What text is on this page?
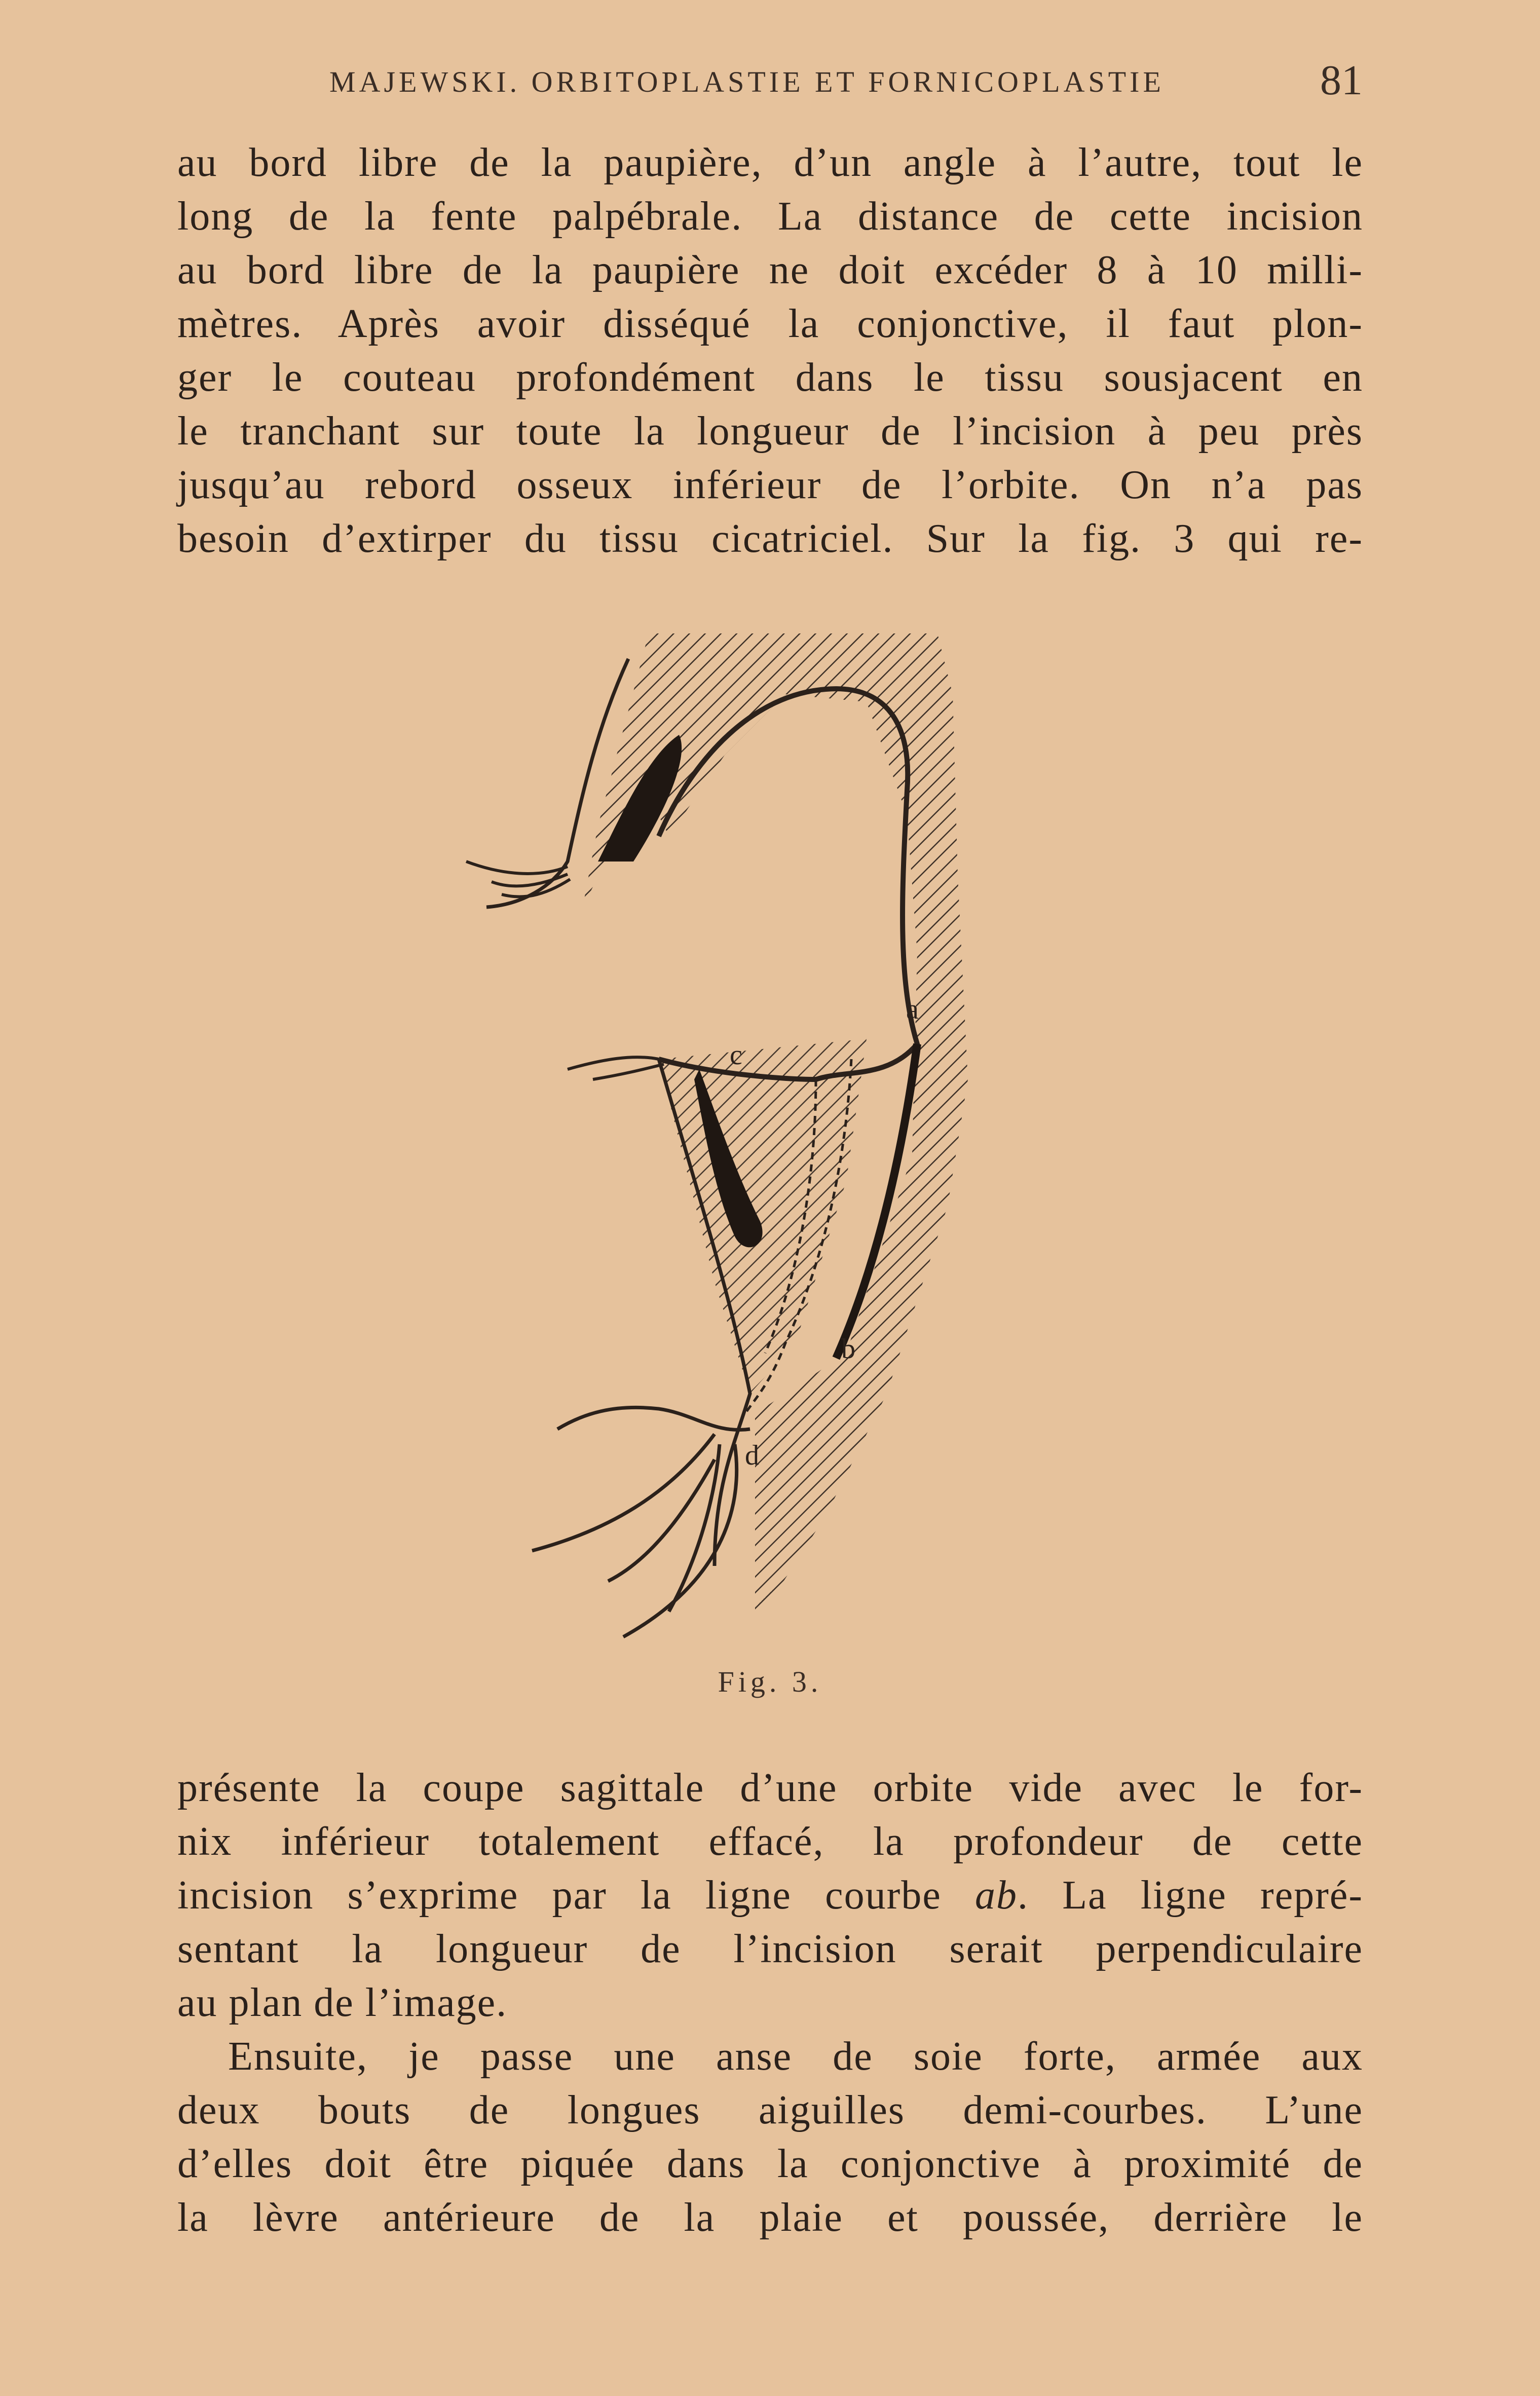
MAJEWSKI. ORBITOPLASTIE ET FORNICOPLASTIE	81
au bord libre de la paupière, d’un angle à l’autre, tout le
long de la fente palpébrale. La distance de cette incision
au bord libre de la paupière ne doit excéder 8 à 10 milli-
mètres. Après avoir disséqué la conjonctive, il faut plon-
ger le couteau profondément dans le tissu sousjacent en
le tranchant sur toute la longueur de l’incision à peu près
jusqu’au rebord osseux inférieur de l’orbite. On n’a pas
besoin d’extirper du tissu cicatriciel. Sur la fig. 3 qui re-
a
c
b
d
Fig. 3.
présente la coupe sagittale d’une orbite vide avec le for-
nix inférieur totalement effacé, la profondeur de cette
incision s’exprime par la ligne courbe ab. La ligne repré-
sentant la longueur de l’incision serait perpendiculaire
au plan de l’image.
Ensuite, je passe une anse de soie forte, armée aux
deux bouts de longues aiguilles demi-courbes. L’une
d’elles doit être piquée dans la conjonctive à proximité de
la lèvre antérieure de la plaie et poussée, derrière le
